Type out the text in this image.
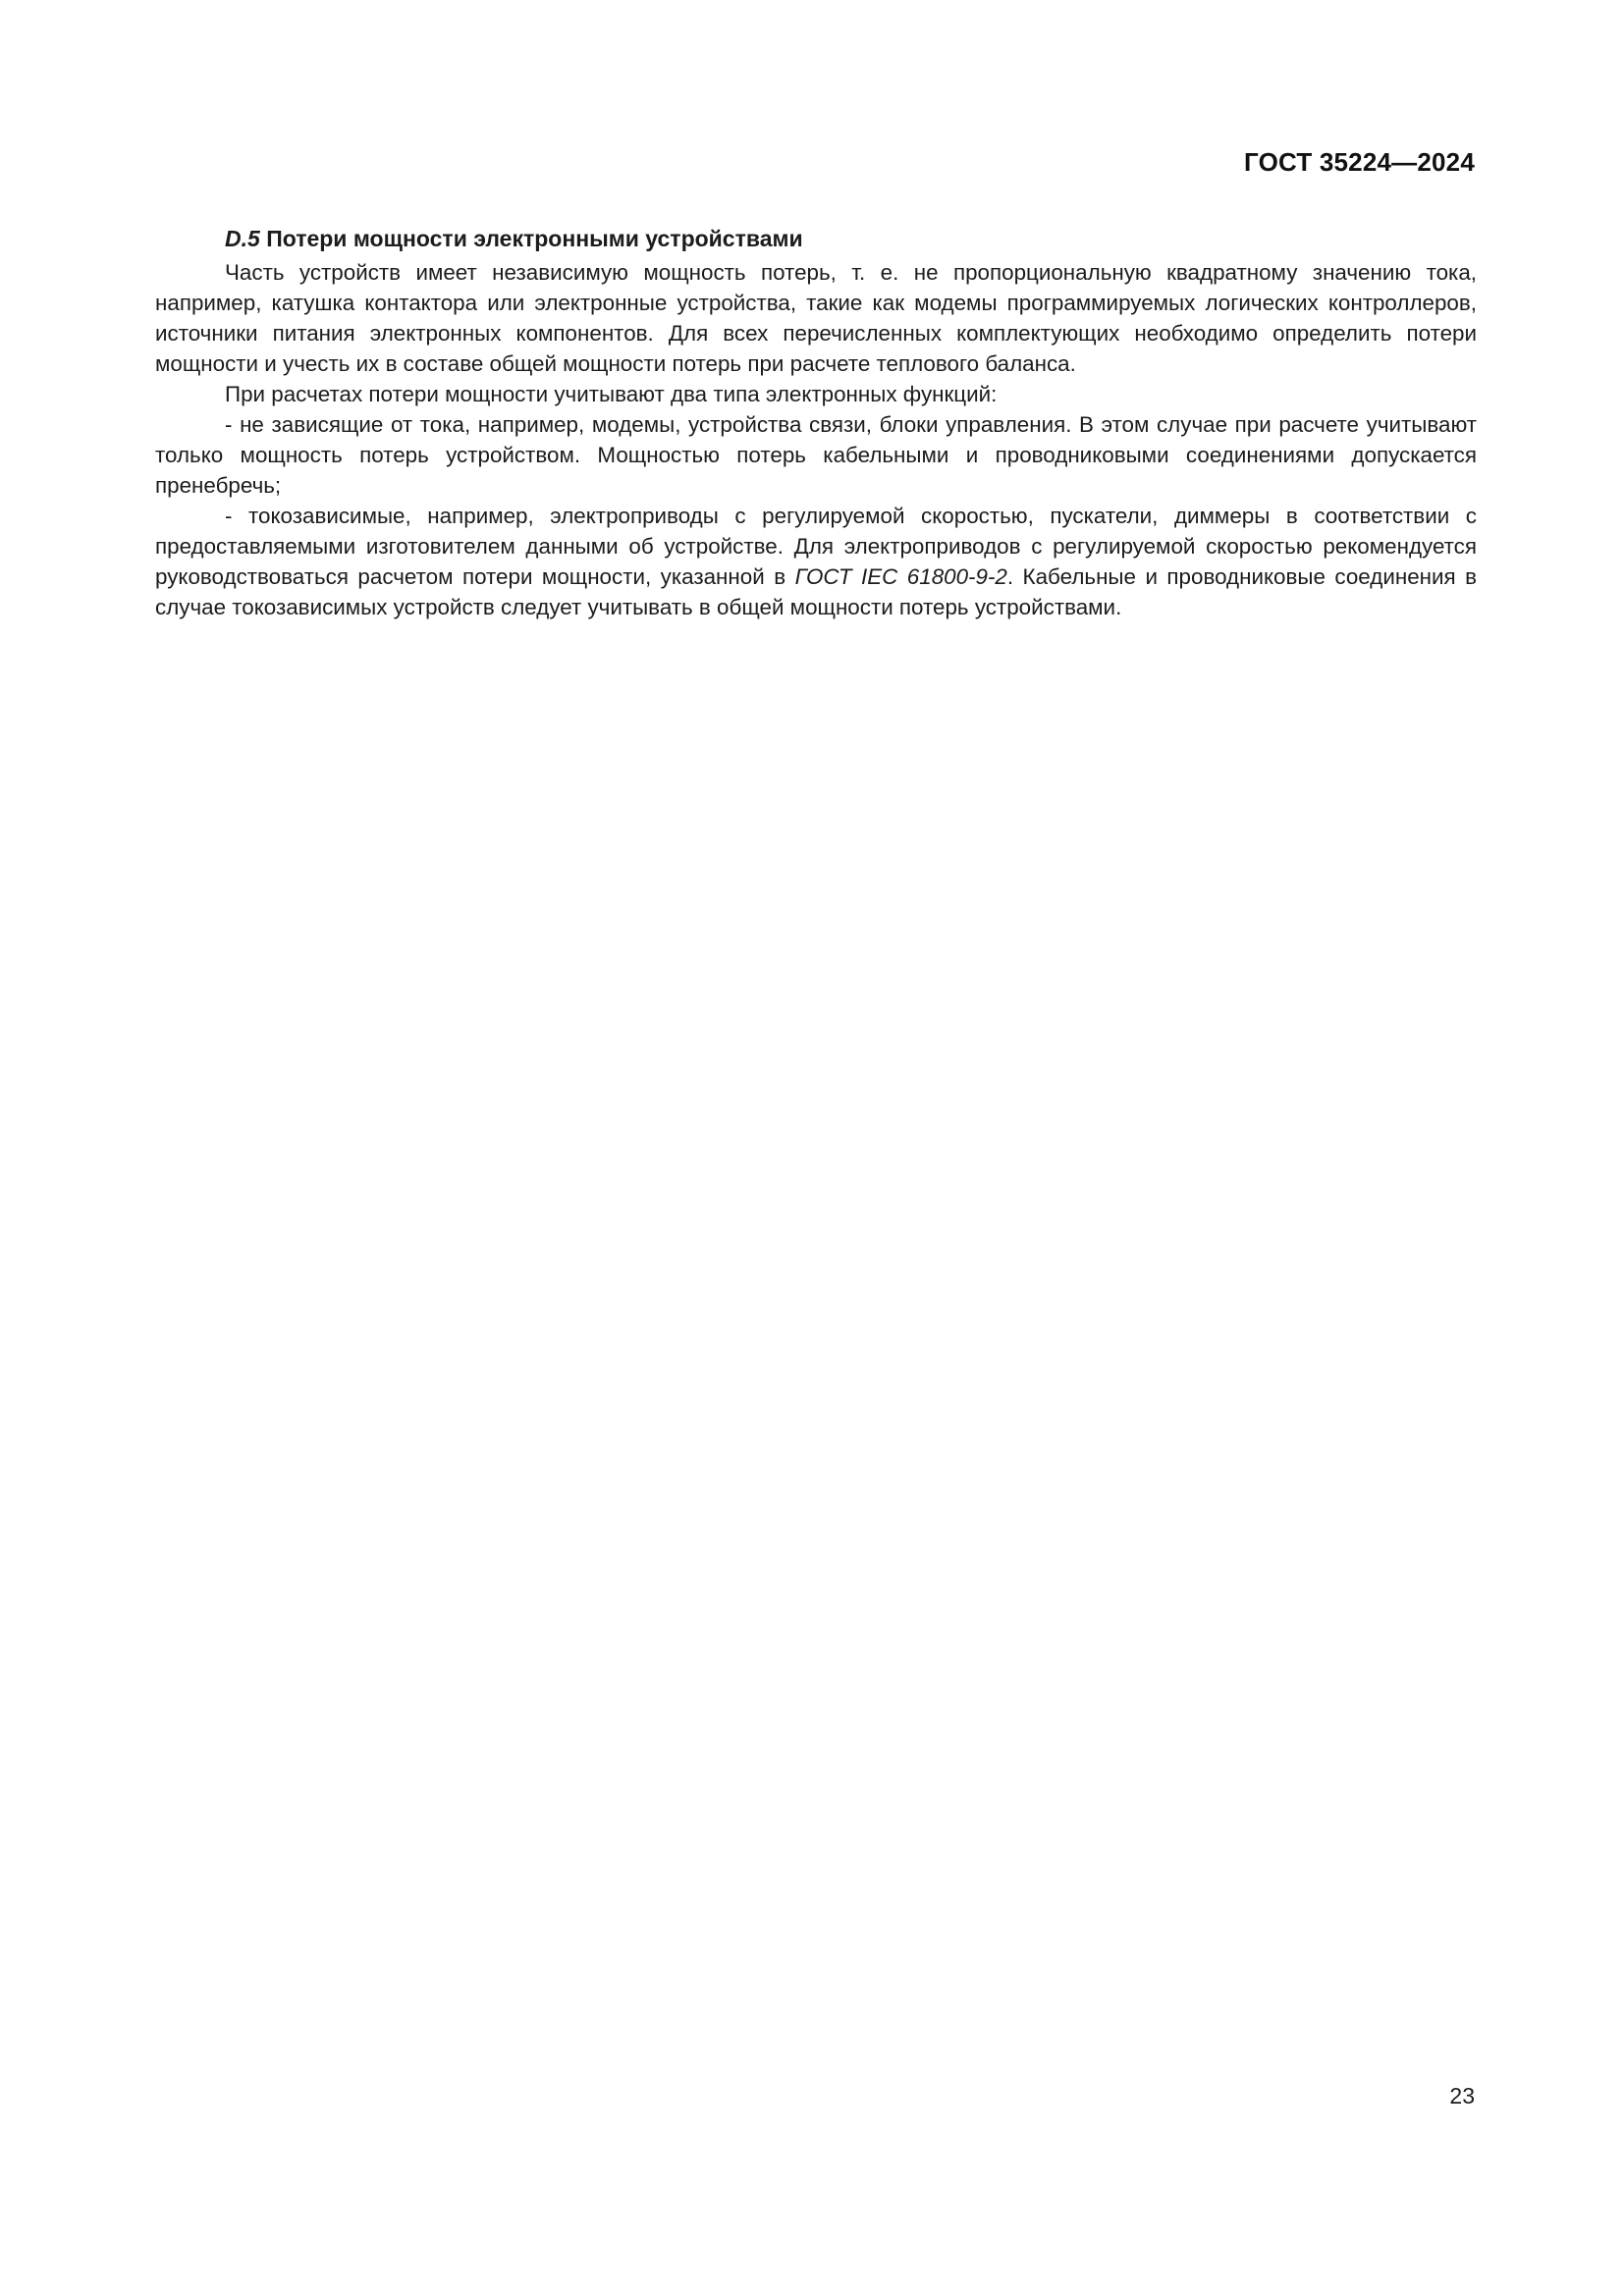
ГОСТ 35224—2024
D.5 Потери мощности электронными устройствами

Часть устройств имеет независимую мощность потерь, т. е. не пропорциональную квадратному значению тока, например, катушка контактора или электронные устройства, такие как модемы программируемых логических контроллеров, источники питания электронных компонентов. Для всех перечисленных комплектующих необходимо определить потери мощности и учесть их в составе общей мощности потерь при расчете теплового баланса.

При расчетах потери мощности учитывают два типа электронных функций:

- не зависящие от тока, например, модемы, устройства связи, блоки управления. В этом случае при расчете учитывают только мощность потерь устройством. Мощностью потерь кабельными и проводниковыми соединениями допускается пренебречь;

- токозависимые, например, электроприводы с регулируемой скоростью, пускатели, диммеры в соответствии с предоставляемыми изготовителем данными об устройстве. Для электроприводов с регулируемой скоростью рекомендуется руководствоваться расчетом потери мощности, указанной в ГОСТ IEC 61800-9-2. Кабельные и проводниковые соединения в случае токозависимых устройств следует учитывать в общей мощности потерь устройствами.

23
